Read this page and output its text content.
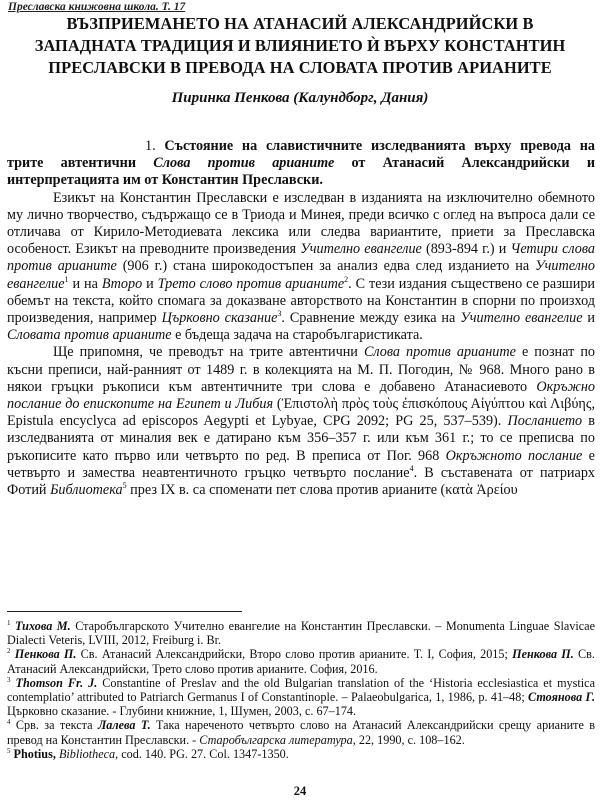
Преславска книжовна школа. Т. 17
ВЪЗПРИЕМАНЕТО НА АТАНАСИЙ АЛЕКСАНДРИЙСКИ В
ЗАПАДНАТА ТРАДИЦИЯ И ВЛИЯНИЕТО Ѝ ВЪРХУ КОНСТАНТИН
ПРЕСЛАВСКИ В ПРЕВОДА НА СЛОВАТА ПРОТИВ АРИАНИТЕ
Пиринка Пенкова (Калундборг, Дания)

1. Състояние на славистичните изследванията върху превода на трите автентични Слова против арианите от Атанасий Александрийски и интерпретацията им от Константин Преславски.

Езикът на Константин Преславски е изследван в изданията на изключително обемното му лично творчество, съдържащо се в Триода и Минея, преди всичко с оглед на въпроса дали се отличава от Кирило-Методиевата лексика или следва вариантите, приети за Преславска особеност. Езикът на преводните произведения Учително евангелие (893-894 г.) и Четири слова против арианите (906 г.) стана широкодостъпен за анализ едва след изданието на Учително евангелие$^1$ и на Второ и Трето слово против арианите$^2$. С тези издания съществено се разшири обемът на текста, който спомага за доказване авторството на Константин в спорни по произход произведения, например Църковно сказание$^3$. Сравнение между езика на Учително евангелие и Словата против арианите е бъдеща задача на старобългаристиката.

Ще припомня, че преводът на трите автентични Слова против арианите е познат по късни преписи, най-ранният от 1489 г. в колекцията на М. П. Погодин, № 968. Много рано в някои гръцки ръкописи към автентичните три слова е добавено Атанасиевото Окръжно послание до епископите на Египет и Либия (Ἐπιστολὴ πρὸς τοὺς ἐπισκόπους Αἰγύπτου καὶ Λιβύης, Epistula encyclyca ad episcopos Aegypti et Lybyae, CPG 2092; PG 25, 537–539). Посланието в изследванията от миналия век е датирано към 356–357 г. или към 361 г.; то се преписва по ръкописите като първо или четвърто по ред. В преписа от Пог. 968 Окръжното послание е четвърто и замества неавтентичното гръцко четвърто послание$^4$. В съставената от патриарх Фотий Библиотека$^5$ през IX в. са споменати пет слова против арианите (κατὰ Ἀρείου

$^1$ Тихова М. Старобългарското Учително евангелие на Константин Преславски. – Monumenta Linguae Slavicae Dialecti Veteris, LVIII, 2012, Freiburg i. Br.

$^2$ Пенкова П. Св. Атанасий Александрийски, Второ слово против арианите. Т. I, София, 2015; Пенкова П. Св. Атанасий Александрийски, Трето слово против арианите. София, 2016.

$^3$ Thomson Fr. J. Constantine of Preslav and the old Bulgarian translation of the ‘Historia ecclesiastica et mystica contemplatio’ attributed to Patriarch Germanus I of Constantinople. – Palaeobulgarica, 1, 1986, p. 41–48; Стоянова Г. Църковно сказание. - Глубини книжние, 1, Шумен, 2003, с. 67–174.

$^4$ Срв. за текста Лалева Т. Така нареченото четвърто слово на Атанасий Александрийски срещу арианите в превод на Константин Преславски. - Старобългарска литература, 22, 1990, с. 108–162.

$^5$ Photius, Bibliotheca, cod. 140. PG. 27. Col. 1347-1350.

24
